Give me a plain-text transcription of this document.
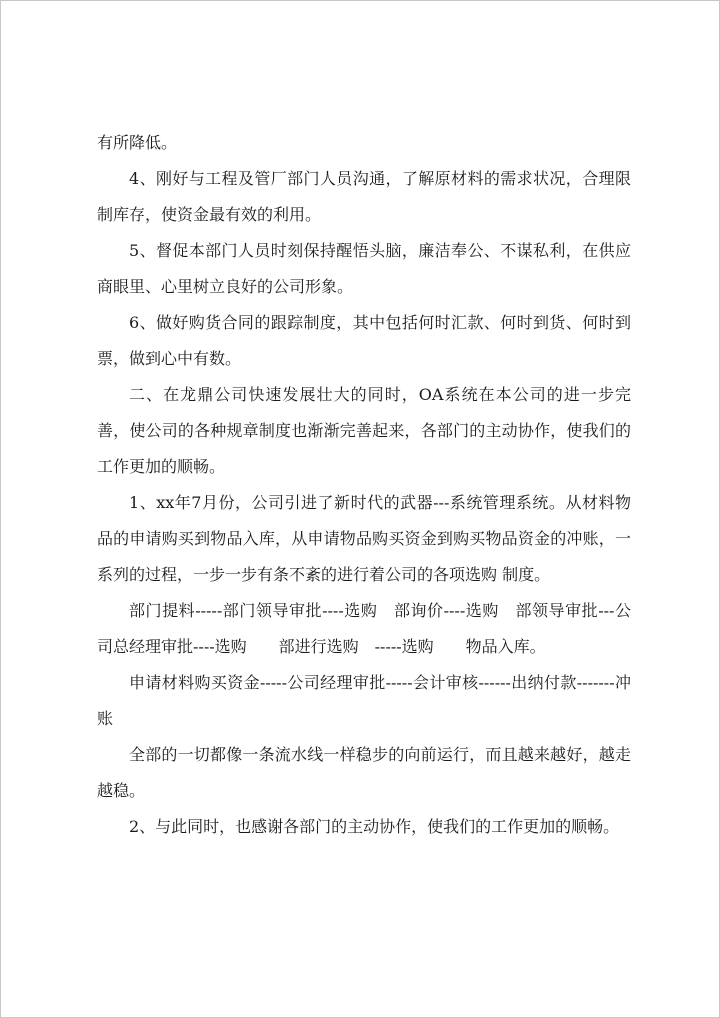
有所降低。

4、刚好与工程及管厂部门人员沟通，了解原材料的需求状况，合理限制库存，使资金最有效的利用。

5、督促本部门人员时刻保持醒悟头脑，廉洁奉公、不谋私利，在供应商眼里、心里树立良好的公司形象。

6、做好购货合同的跟踪制度，其中包括何时汇款、何时到货、何时到票，做到心中有数。

二、在龙鼎公司快速发展壮大的同时，OA系统在本公司的进一步完善，使公司的各种规章制度也渐渐完善起来，各部门的主动协作，使我们的工作更加的顺畅。

1、xx年7月份，公司引进了新时代的武器---系统管理系统。从材料物品的申请购买到物品入库，从申请物品购买资金到购买物品资金的冲账，一系列的过程，一步一步有条不紊的进行着公司的各项选购 制度。

部门提料-----部门领导审批----选购　部询价----选购　部领导审批---公司总经理审批----选购　　部进行选购　-----选购　　物品入库。

申请材料购买资金-----公司经理审批-----会计审核------出纳付款-------冲账

全部的一切都像一条流水线一样稳步的向前运行，而且越来越好，越走越稳。

2、与此同时，也感谢各部门的主动协作，使我们的工作更加的顺畅。
